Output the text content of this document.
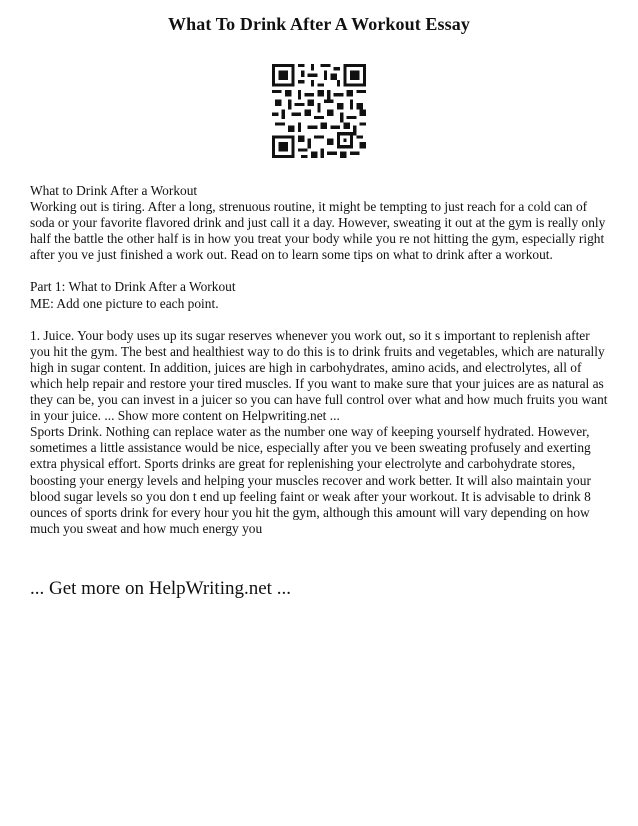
What To Drink After A Workout Essay

What to Drink After a Workout

Working out is tiring. After a long, strenuous routine, it might be tempting to just reach for a cold can of soda or your favorite flavored drink and just call it a day. However, sweating it out at the gym is really only half the battle the other half is in how you treat your body while you re not hitting the gym, especially right after you ve just finished a work out. Read on to learn some tips on what to drink after a workout.

Part 1: What to Drink After a Workout

ME: Add one picture to each point.

1. Juice. Your body uses up its sugar reserves whenever you work out, so it s important to replenish after you hit the gym. The best and healthiest way to do this is to drink fruits and vegetables, which are naturally high in sugar content. In addition, juices are high in carbohydrates, amino acids, and electrolytes, all of which help repair and restore your tired muscles. If you want to make sure that your juices are as natural as they can be, you can invest in a juicer so you can have full control over what and how much fruits you want in your juice. ... Show more content on Helpwriting.net ...

Sports Drink. Nothing can replace water as the number one way of keeping yourself hydrated. However, sometimes a little assistance would be nice, especially after you ve been sweating profusely and exerting extra physical effort. Sports drinks are great for replenishing your electrolyte and carbohydrate stores, boosting your energy levels and helping your muscles recover and work better. It will also maintain your blood sugar levels so you don t end up feeling faint or weak after your workout. It is advisable to drink 8 ounces of sports drink for every hour you hit the gym, although this amount will vary depending on how much you sweat and how much energy you

... Get more on HelpWriting.net ...
